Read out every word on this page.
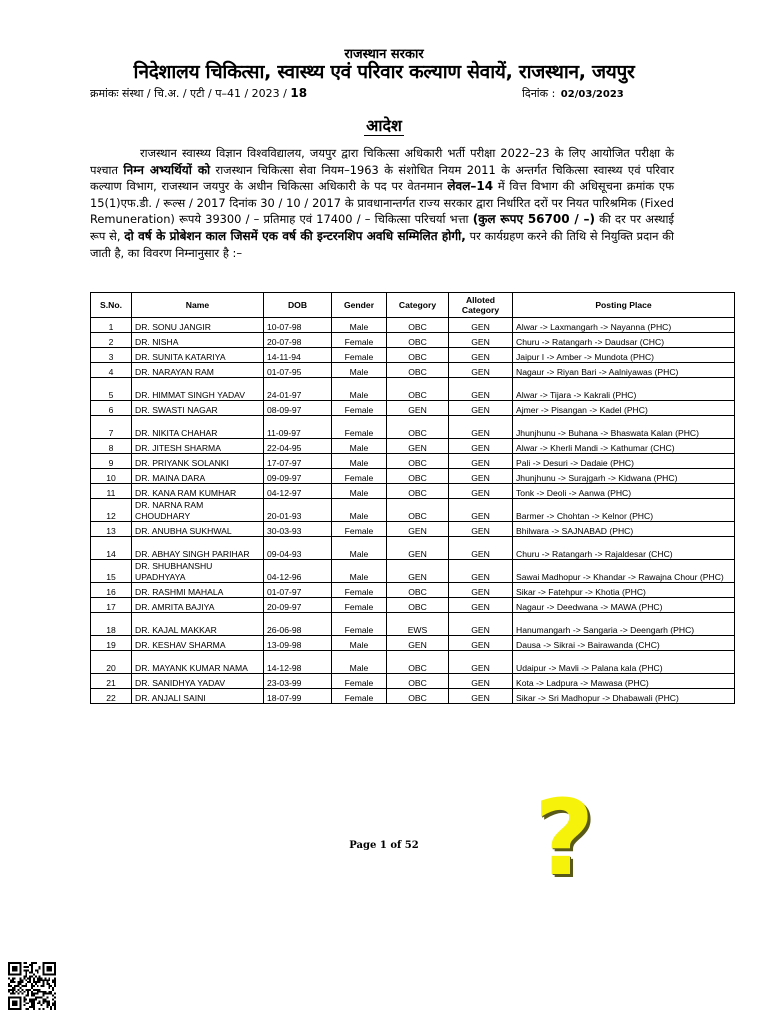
राजस्थान सरकार
निदेशालय चिकित्सा, स्वास्थ्य एवं परिवार कल्याण सेवायें, राजस्थान, जयपुर
क्रमांकः संस्था / चि.अ. / एटी / प–41 / 2023 / 18	दिनांक : 02/03/2023
आदेश
राजस्थान स्वास्थ्य विज्ञान विश्वविद्यालय, जयपुर द्वारा चिकित्सा अधिकारी भर्ती परीक्षा 2022–23 के लिए आयोजित परीक्षा के पश्चात निम्न अभ्यर्थियों को राजस्थान चिकित्सा सेवा नियम–1963 के संशोधित नियम 2011 के अन्तर्गत चिकित्सा स्वास्थ्य एवं परिवार कल्याण विभाग, राजस्थान जयपुर के अधीन चिकित्सा अधिकारी के पद पर वेतनमान लेवल–14 में वित्त विभाग की अधिसूचना क्रमांक एफ 15(1)एफ.डी. / रूल्स / 2017 दिनांक 30 / 10 / 2017 के प्रावधानान्तर्गत राज्य सरकार द्वारा निर्धारित दरों पर नियत पारिश्रमिक (Fixed Remuneration) रूपये 39300 / – प्रतिमाह एवं 17400 / – चिकित्सा परिचर्या भत्ता (कुल रूपए 56700 / –) की दर पर अस्थाई रूप से, दो वर्ष के प्रोबेशन काल जिसमें एक वर्ष की इन्टरनशिप अवधि सम्मिलित होगी, पर कार्यग्रहण करने की तिथि से नियुक्ति प्रदान की जाती है, का विवरण निम्नानुसार है :–
S.No.	Name	DOB	Gender	Category	Alloted Category	Posting Place
1	DR. SONU JANGIR	10-07-98	Male	OBC	GEN	Alwar -> Laxmangarh -> Nayanna (PHC)
2	DR. NISHA	20-07-98	Female	OBC	GEN	Churu -> Ratangarh -> Daudsar (CHC)
3	DR. SUNITA KATARIYA	14-11-94	Female	OBC	GEN	Jaipur I -> Amber -> Mundota (PHC)
4	DR. NARAYAN RAM	01-07-95	Male	OBC	GEN	Nagaur -> Riyan Bari -> Aalniyawas (PHC)
5	DR. HIMMAT SINGH YADAV	24-01-97	Male	OBC	GEN	Alwar -> Tijara -> Kakrali (PHC)
6	DR. SWASTI NAGAR	08-09-97	Female	GEN	GEN	Ajmer -> Pisangan -> Kadel (PHC)
7	DR. NIKITA CHAHAR	11-09-97	Female	OBC	GEN	Jhunjhunu -> Buhana -> Bhaswata Kalan (PHC)
8	DR. JITESH SHARMA	22-04-95	Male	GEN	GEN	Alwar -> Kherli Mandi -> Kathumar (CHC)
9	DR. PRIYANK SOLANKI	17-07-97	Male	OBC	GEN	Pali -> Desuri -> Dadaie (PHC)
10	DR. MAINA DARA	09-09-97	Female	OBC	GEN	Jhunjhunu -> Surajgarh -> Kidwana (PHC)
11	DR. KANA RAM KUMHAR	04-12-97	Male	OBC	GEN	Tonk -> Deoli -> Aanwa (PHC)
12	DR. NARNA RAM CHOUDHARY	20-01-93	Male	OBC	GEN	Barmer -> Chohtan -> Kelnor (PHC)
13	DR. ANUBHA SUKHWAL	30-03-93	Female	GEN	GEN	Bhilwara -> SAJNABAD (PHC)
14	DR. ABHAY SINGH PARIHAR	09-04-93	Male	GEN	GEN	Churu -> Ratangarh -> Rajaldesar (CHC)
15	DR. SHUBHANSHU UPADHYAYA	04-12-96	Male	GEN	GEN	Sawai Madhopur -> Khandar -> Rawajna Chour (PHC)
16	DR. RASHMI MAHALA	01-07-97	Female	OBC	GEN	Sikar -> Fatehpur -> Khotia (PHC)
17	DR. AMRITA BAJIYA	20-09-97	Female	OBC	GEN	Nagaur -> Deedwana -> MAWA (PHC)
18	DR. KAJAL MAKKAR	26-06-98	Female	EWS	GEN	Hanumangarh -> Sangaria -> Deengarh (PHC)
19	DR. KESHAV SHARMA	13-09-98	Male	GEN	GEN	Dausa -> Sikrai -> Bairawanda (CHC)
20	DR. MAYANK KUMAR NAMA	14-12-98	Male	OBC	GEN	Udaipur -> Mavli -> Palana kala (PHC)
21	DR. SANIDHYA YADAV	23-03-99	Female	OBC	GEN	Kota -> Ladpura -> Mawasa (PHC)
22	DR. ANJALI SAINI	18-07-99	Female	OBC	GEN	Sikar -> Sri Madhopur -> Dhabawali (PHC)
Page 1 of 52	?
